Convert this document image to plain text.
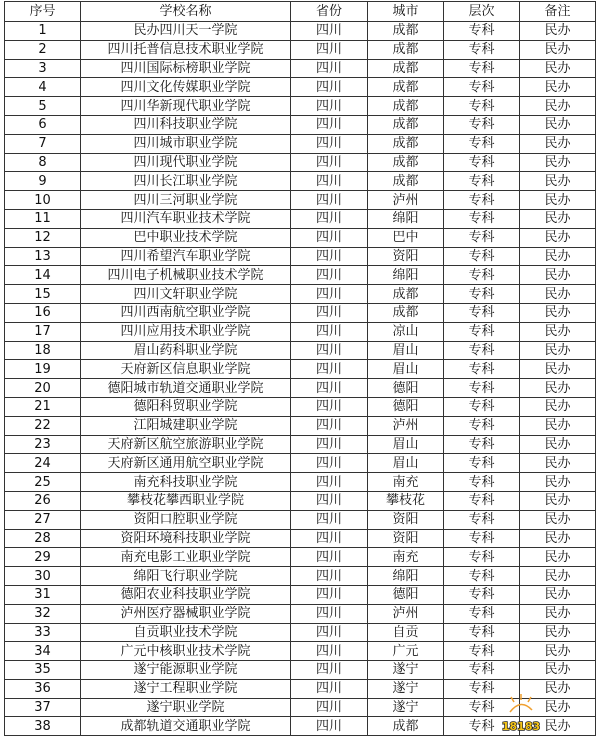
序号	学校名称	省份	城市	层次	备注
1	民办四川天一学院	四川	成都	专科	民办
2	四川托普信息技术职业学院	四川	成都	专科	民办
3	四川国际标榜职业学院	四川	成都	专科	民办
4	四川文化传媒职业学院	四川	成都	专科	民办
5	四川华新现代职业学院	四川	成都	专科	民办
6	四川科技职业学院	四川	成都	专科	民办
7	四川城市职业学院	四川	成都	专科	民办
8	四川现代职业学院	四川	成都	专科	民办
9	四川长江职业学院	四川	成都	专科	民办
10	四川三河职业学院	四川	泸州	专科	民办
11	四川汽车职业技术学院	四川	绵阳	专科	民办
12	巴中职业技术学院	四川	巴中	专科	民办
13	四川希望汽车职业学院	四川	资阳	专科	民办
14	四川电子机械职业技术学院	四川	绵阳	专科	民办
15	四川文轩职业学院	四川	成都	专科	民办
16	四川西南航空职业学院	四川	成都	专科	民办
17	四川应用技术职业学院	四川	凉山	专科	民办
18	眉山药科职业学院	四川	眉山	专科	民办
19	天府新区信息职业学院	四川	眉山	专科	民办
20	德阳城市轨道交通职业学院	四川	德阳	专科	民办
21	德阳科贸职业学院	四川	德阳	专科	民办
22	江阳城建职业学院	四川	泸州	专科	民办
23	天府新区航空旅游职业学院	四川	眉山	专科	民办
24	天府新区通用航空职业学院	四川	眉山	专科	民办
25	南充科技职业学院	四川	南充	专科	民办
26	攀枝花攀西职业学院	四川	攀枝花	专科	民办
27	资阳口腔职业学院	四川	资阳	专科	民办
28	资阳环境科技职业学院	四川	资阳	专科	民办
29	南充电影工业职业学院	四川	南充	专科	民办
30	绵阳飞行职业学院	四川	绵阳	专科	民办
31	德阳农业科技职业学院	四川	德阳	专科	民办
32	泸州医疗器械职业学院	四川	泸州	专科	民办
33	自贡职业技术学院	四川	自贡	专科	民办
34	广元中核职业技术学院	四川	广元	专科	民办
35	遂宁能源职业学院	四川	遂宁	专科	民办
36	遂宁工程职业学院	四川	遂宁	专科	民办
37	遂宁职业学院	四川	遂宁	专科	民办
38	成都轨道交通职业学院	四川	成都	专科	民办
18183
